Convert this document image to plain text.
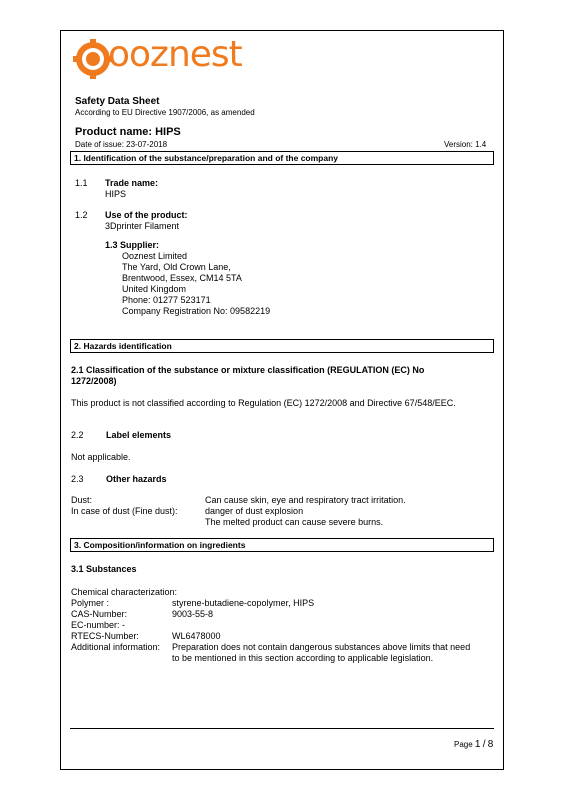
ooznest
Safety Data Sheet
According to EU Directive 1907/2006, as amended
Product name: HIPS
Date of issue: 23-07-2018	Version: 1.4
1. Identification of the substance/preparation and of the company
1.1 Trade name:
HIPS
1.2 Use of the product:
3Dprinter Filament
1.3 Supplier:
Ooznest Limited
The Yard, Old Crown Lane,
Brentwood, Essex, CM14 5TA
United Kingdom
Phone: 01277 523171
Company Registration No: 09582219
2. Hazards identification
2.1 Classification of the substance or mixture classification (REGULATION (EC) No
1272/2008)
This product is not classified according to Regulation (EC) 1272/2008 and Directive 67/548/EEC.
2.2 Label elements
Not applicable.
2.3 Other hazards
Dust:	Can cause skin, eye and respiratory tract irritation.
In case of dust (Fine dust):	danger of dust explosion
The melted product can cause severe burns.
3. Composition/information on ingredients
3.1 Substances
Chemical characterization:
Polymer :	styrene-butadiene-copolymer, HIPS
CAS-Number:	9003-55-8
EC-number: -
RTECS-Number:	WL6478000
Additional information: Preparation does not contain dangerous substances above limits that need
to be mentioned in this section according to applicable legislation.
Page 1 / 8
